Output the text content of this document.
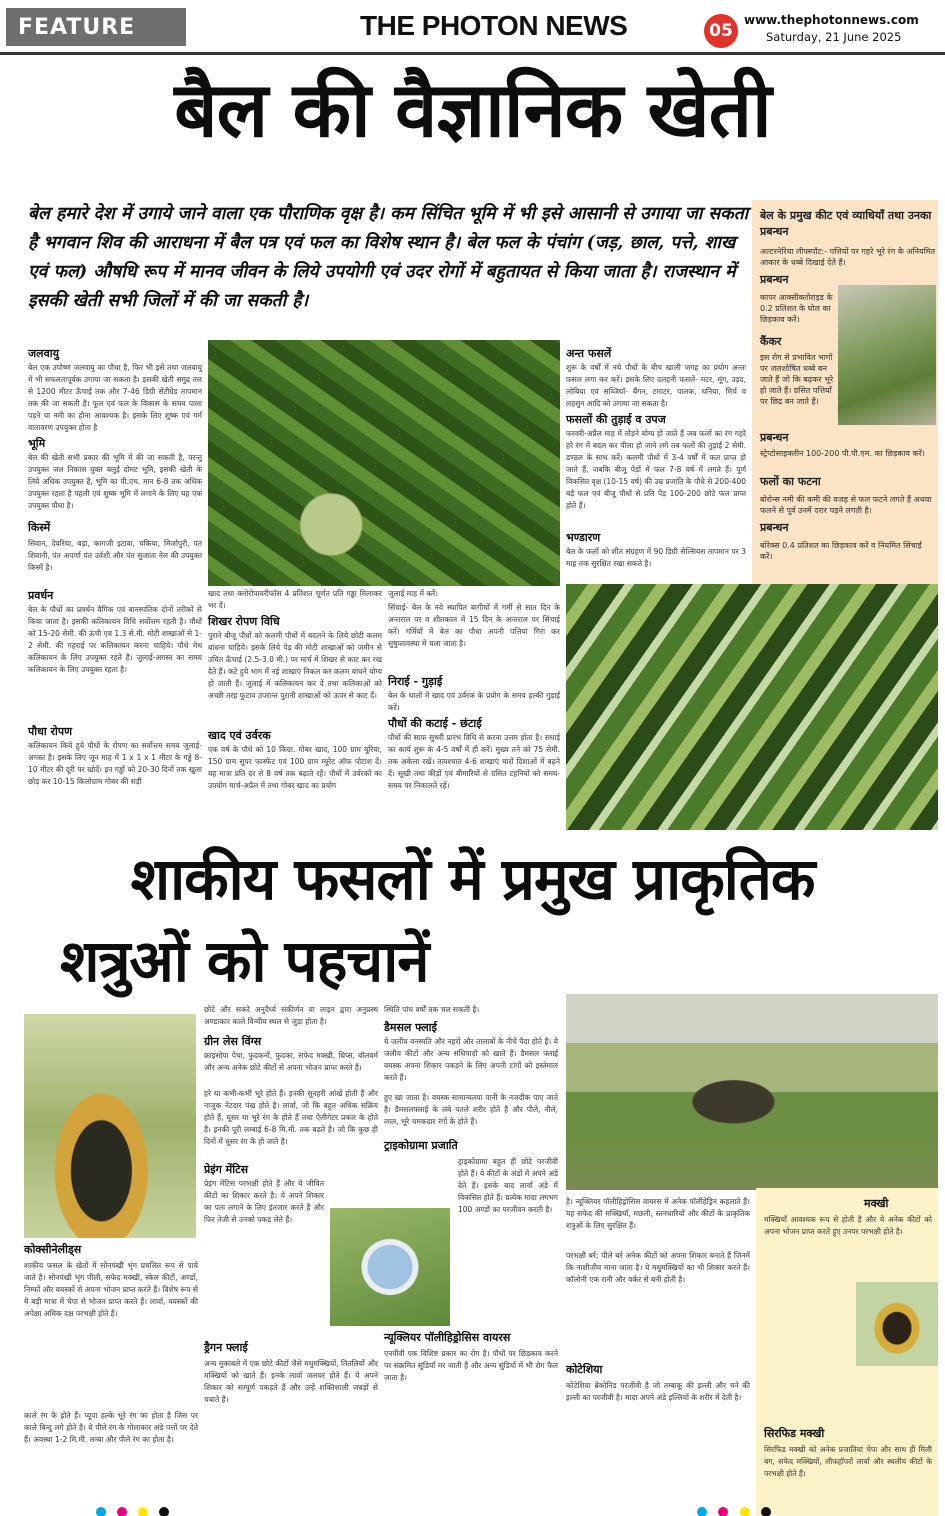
FEATURE	THE PHOTON NEWS	05
www.thephotonnews.com
Saturday, 21 June 2025
बैल की वैज्ञानिक खेती
बेल हमारे देश में उगाये जाने वाला एक पौराणिक वृक्ष है। कम सिंचित भूमि में भी इसे आसानी से उगाया जा सकता है भगवान शिव की आराधना में बैल पत्र एवं फल का विशेष स्थान है। बेल फल के पंचांग (जड़, छाल, पत्ते, शाख एवं फल) औषधि रूप में मानव जीवन के लिये उपयोगी एवं उदर रोगों में बहुतायत से किया जाता है। राजस्थान में इसकी खेती सभी जिलों में की जा सकती है।
बेल के प्रमुख कीट एवं व्याधियाँ तथा उनका प्रबन्धन
अल्टरनेरिया लीफ्स्पॉट:- पत्तियों पर गहरे भूरे रंग के अनियमित आकार के धब्बे दिखाई देते हैं।
प्रबन्धन
कापर आक्सीक्लोराइड के 0.2 प्रतिशत के घोल का छिड़काव करें।
कैंकर
इस रोग से प्रभावित भागों पर जलशोषित धब्बे बन जाते हैं जो कि बढ़कर भूरे हो जाते हैं। ग्रसित पत्तियाँ पर छिद्र बन जाते हैं।
प्रबन्धन
स्ट्रेप्टोसाइक्लीन 100-200 पी.पी.एम. का छिड़काव करें।
फलों का फटना
बोरोन्स नमी की कमी की वजह से फल फटने लगते हैं अथवा फलने से पूर्व उनमें दरार पड़ने लगती है।
प्रबन्धन
बोरेक्स 0.4 प्रतिशत का छिड़काव करें व नियमित सिंचाई करें।
जलवायु
बेल एक उपोष्ण जलवायु का पौधा है, फिर भी इसे तथा जलवायु में भी सफलतापूर्वक उगाया जा सकता है। इसकी खेती समुद्र तल से 1200 मीटर ऊँचाई तक और 7-46 डिग्री सेंटीग्रेड तापमान तक की जा सकती है। फूल एवं फल के विकास के समय पाला पड़ने या नमी का होना आवश्यक है। इसके लिए शुष्क एवं गर्म वातावरण उपयुक्त होता है
भूमि
बेल की खेती सभी प्रकार की भूमि में की जा सकती है, परन्तु उपयुक्त जल निकास युक्त बलुई दोमट भूमि, इसकी खेती के लिये अधिक उपयुक्त है, भूमि का पी.एच. मान 6-8 तक अधिक उपयुक्त रहता है पहली एवं शुष्क भूमि में लगाने के लिए यह एक उपयुक्त पौधा है।
किस्में
सिवान, देवरिया, बड़ा, कागजी इटावा, चकिया, मिर्जापुरी, पंत शिवानी, पंत अपर्णा पंत उर्वशी और पंत सुजाता नेल की उपयुक्त किस्में है।
प्रवर्धन
बेल के पौधों का प्रवर्धन वैगिक एवं वानस्पतिक दोनों तरीकों से किया जाता है। इसकी कलिकायन विधि सर्वोत्तम रहती है। पौधों को 15-20 सेमी. की ऊंची एवं 1.3 से.मी. मोटी शाखाओं से 1-2 सेमी. की गहराई पर कलिकायन करना चाहिये। पौधे मेथ कलिकायन के लिए उपयुक्त रहते हैं। जुलाई-अगस्त का समय कलिकायन के लिए उपयुक्त रहता है।
पौधा रोपण
कलिकायन किये हुये पौधों के रोपण का सर्वोत्तम समय जुलाई-अगस्त है। इसके लिए जून माह में 1 x 1 x 1 मीटर के गड्ढे 8-10 मीटर की दूरी पर खोदें। इन गड्ढों को 20-30 दिनों तक खुला छोड़ कर 10-15 किलोग्राम गोबर की सड़ी
खाद तथा क्लोरोपायरीफॉस 4 प्रतिशत चूर्णत प्रति गड्ढा मिलाकर भर दें।
शिखर रोपण विधि
पुराने बीजू पौधों को कलमी पौधों में बदलने के लिये छोटी कलम बांधना चाहिये। इसके लिये पेड़ की मोटी शाखाओं को जमीन से उचित ऊँचाई (2.5-3.0 मी.) पर मार्च में शिखर से काट कर रख देते हैं। कटे हुये भाग में नई शाखाएं निकल कर कलम बांधने योग्य हो जाती हैं। जुलाई में कलिकायन कर दें तथा कलिकाओं को अच्छी तरह फुटाव उपरान्त पुरानी शाखाओं को ऊपर से काट दें।
खाद एवं उर्वरक
एक वर्ष के पौधे को 10 किग्रा. गोबर खाद, 100 ग्राम यूरिया, 150 ग्राम सुपर फास्फेट एवं 100 ग्राम म्यूरेट ऑफ पोटाश दें। यह मात्रा प्रति दर से 8 वर्ष तक बढ़ाते रहें। पौधों में उर्वरकों का उपयोग मार्च-अप्रैल में तथा गोबर खाद का प्रयोग
जुलाई माह में करें।
सिंचाई- बेल के नये स्थापित बागीचों में गर्मी से सात दिन के अन्तराल पर व शीतकाल में 15 दिन के अन्तराल पर सिंचाई करें। गर्मियों में बेल का पौधा अपनी पत्तियां गिरा कर सुषुप्तावस्था में चला जाता है।
निराई - गुड़ाई
बेल के थालों में खाद एवं उर्वरक के प्रयोग के समय हल्की गुड़ाई करें।
पौधों की कटाई - छंटाई
पौधों की साफ सुथरी प्रारंभ विधि से करना उत्तम होता है। सधाई का कार्य शुरू के 4-5 वर्षों में ही करें। मुख्य तने को 75 सेमी. तक अकेला रखें। तत्पश्चात 4-6 शाखाएं चारों दिशाओं में बढ़ने दें। सूखी तथा कीड़ों एवं बीमारियों से ग्रसित टहनियों को समय-समय पर निकालते रहें।
अन्त फसलें
शुरू के वर्षों में नये पौधों के बीच खाली जगह का प्रयोग अन्तः फसल लगा कर करें। इसके लिए दलहनी फसलें- मटर, मूंग, उड़द, लोबिया एवं सब्जियाँ- बैंगन, टमाटर, पालक, धनिया, मिर्च व लहसुन आदि को उगाया जा सकता है।
फसलों की तुड़ाई व उपज
फरवरी-अप्रैल माह में तोड़ने योग्य हो जाते हैं जब फलों का रंग गहरे हरे रंग में बदल कर पीला हो जाने लगे तब फलों की तुड़ाई 2 सेमी. डण्ठल के साथ करें। कलमी पौधों में 3-4 वर्षों में फल प्राप्त हो जाते हैं, जबकि बीजू पेड़ों में फल 7-8 वर्ष में लगते हैं। पूर्ण विकसित वृक्ष (10-15 वर्ष) की उम्र प्रजाति के पौधे से 200-400 बड़े फल एवं बीजू पौधों से प्रति पेड़ 100-200 छोटे फल प्राप्त होते हैं।
भण्डारण
बेल के फलों को शीत संग्रहण में 90 डिग्री सेल्सियस तापमान पर 3 माह तक सुरक्षित रखा सकते है।
शाकीय फसलों में प्रमुख प्राकृतिक
शत्रुओं को पहचानें
कोक्सीनेलीड्स
शाकीय फसल के खेतों में सोनपंखी भृंग प्रचलित रूप से पाये जाते है। सोनपंखी भृंग पीली, सफेद मक्खी, स्केल कीटों, अण्डों, निम्फों और वयस्कों से अपना भोजन प्राप्त करते हैं। विशेष रूप से ये बड़ी मात्रा में चेपा से भोजन प्राप्त करते हैं। लार्वा, वयस्कों की अपेक्षा अधिक दक्ष परभक्षी होते है।
काले रंग के होते हैं। प्यूपा हल्के भूरे रंग का होता है जिस पर काले बिन्दु लगे होते है। ये पीले रंग के गोलाकार अंडे पत्तों पर देते हैं। अवस्था 1-2 मि.मी. लम्बा और पीले रंग का होता है।
छोटे और सकरे अनुदैर्ध्य संकीर्णन या लाइन द्वारा अनुप्रस्थ अण्डाकार काले विन्यीय स्थल से जुड़ा होता है।
ग्रीन लेस विंग्स
क्राइसोपा पेचा, फुदकनों, फुदका, सफेद मक्खी, थ्रिप्स, बॉलवर्म और अन्य अनेक छोटे कीटों से अपना भोजन प्राप्त करते हैं।
हरे या कभी-कभी भूरे होते हैं। इनकी सुनहरी आंखें होती हैं और नाजुक नेटदार पंख होते है। लार्वा, जो कि बहुत अधिक सक्रिय होते हैं, घूसर या भूरे रंग के होते हैं तथा ऐलीगेटर प्रकार के होते हैं। इनकी पूरी लम्बाई 6-8 मि.मी. तक बढ़ते है। जो कि कुछ ही दिनों में धूसर रंग के हो जाते है।
प्रेइंग मेंटिस
प्रेइंग मेंटिस परभक्षी होते हैं और ये जीवित कीटों का शिकार करते है। ये अपने शिकार का पता लगाने के लिए इंतजार करते हैं और फिर तेजी से उनको पकड़ लेते हैं।
ड्रैगन फ्लाई
अन्य मुकाबले में एक छोटे कीटों जैसे मधुमक्खियों, तितलियों और मक्खियों को खाते हैं। इनके लार्वा जलचर होते हैं। ये अपने शिकार को सम्पूर्ण पकड़ते हैं और उन्हें शक्तिशाली जबड़ों से चबाते हैं।
स्थिति पांच वर्षों तक चल सकती है।
डैमसल फ्लाई
ये जलीय वनस्पति और नहरों और तालाबों के नीचे पैदा होते हैं। ये जलीय कीटों और अन्य संधिपादों को खाते हैं। डैमसल फ्लाई वयस्क अपना शिकार पकड़ने के लिए अपनी टांगों को इस्तेमाल करते हैं।
हुए खा जाता है। वयस्क सामान्यतया पानी के नजदीक पाए जाते है। डैमसलफ्लाई के लंबे पतले शरीर होते हैं और पीले, नीले, लाल, भूरे चमकदार रंगों के होते हैं।
ट्राइकोग्रामा प्रजाति
ट्राइकोग्रामा बहुत ही छोटे परजीवी होते हैं। ये कीटों के अंडों में अपने अंडे देते हैं। इसके बाद लार्वा अंडे में विकसित होते हैं। प्रत्येक मादा लगभग 100 अण्डों का परजीवन करती है।
न्यूक्लियर पॉलीहिड्रोसिस वायरस
एनपीवी एक विशिष्ट प्रकार का रोग है। पौधों पर छिड़काव करने पर संक्रमित सुंडियाँ मर जाती हैं और अन्य सुंडियों में भी रोग फैल जाता है।
है। न्यूक्लियर पॉलीहिड्रोसिस वायरस में अनेक पॉलीहेड्रिन कहलाते हैं। यह सफेद की मक्खियाँ, मछली, स्तनधारियों और कीटों के प्राकृतिक शत्रुओं के लिए सुरक्षित हैं।
परभक्षी बर्र: पीले बर्र अनेक कीटों को अपना शिकार बनाते हैं जिनमें कि नाशीजीव माना जाता है। ये मधुमक्खियों का भी शिकार करते हैं। कॉलोनी एक रानी और वर्कर से बनी होती है।
कोटेशिया
कोटेशिया ब्रेकोनिड परजीवी है जो तम्बाकू की इल्ली और चने की इल्ली का परजीवी है। मादा अपने अंडे इल्लियों के शरीर में देती है।
मक्खी
मक्खियाँ आवश्यक रूप से होती है और ये अनेक कीटों को अपना भोजन प्राप्त करते हुए उनपर परभक्षी होते है।
सिरफिड मक्खी
सिरफिड मक्खी को अनेक प्रजातियां चेपा और साथ ही मिली बग, सफेद मक्खियों, लीफहॉपरों लार्वा और स्थलीय कीटों के परभक्षी होते हैं।
